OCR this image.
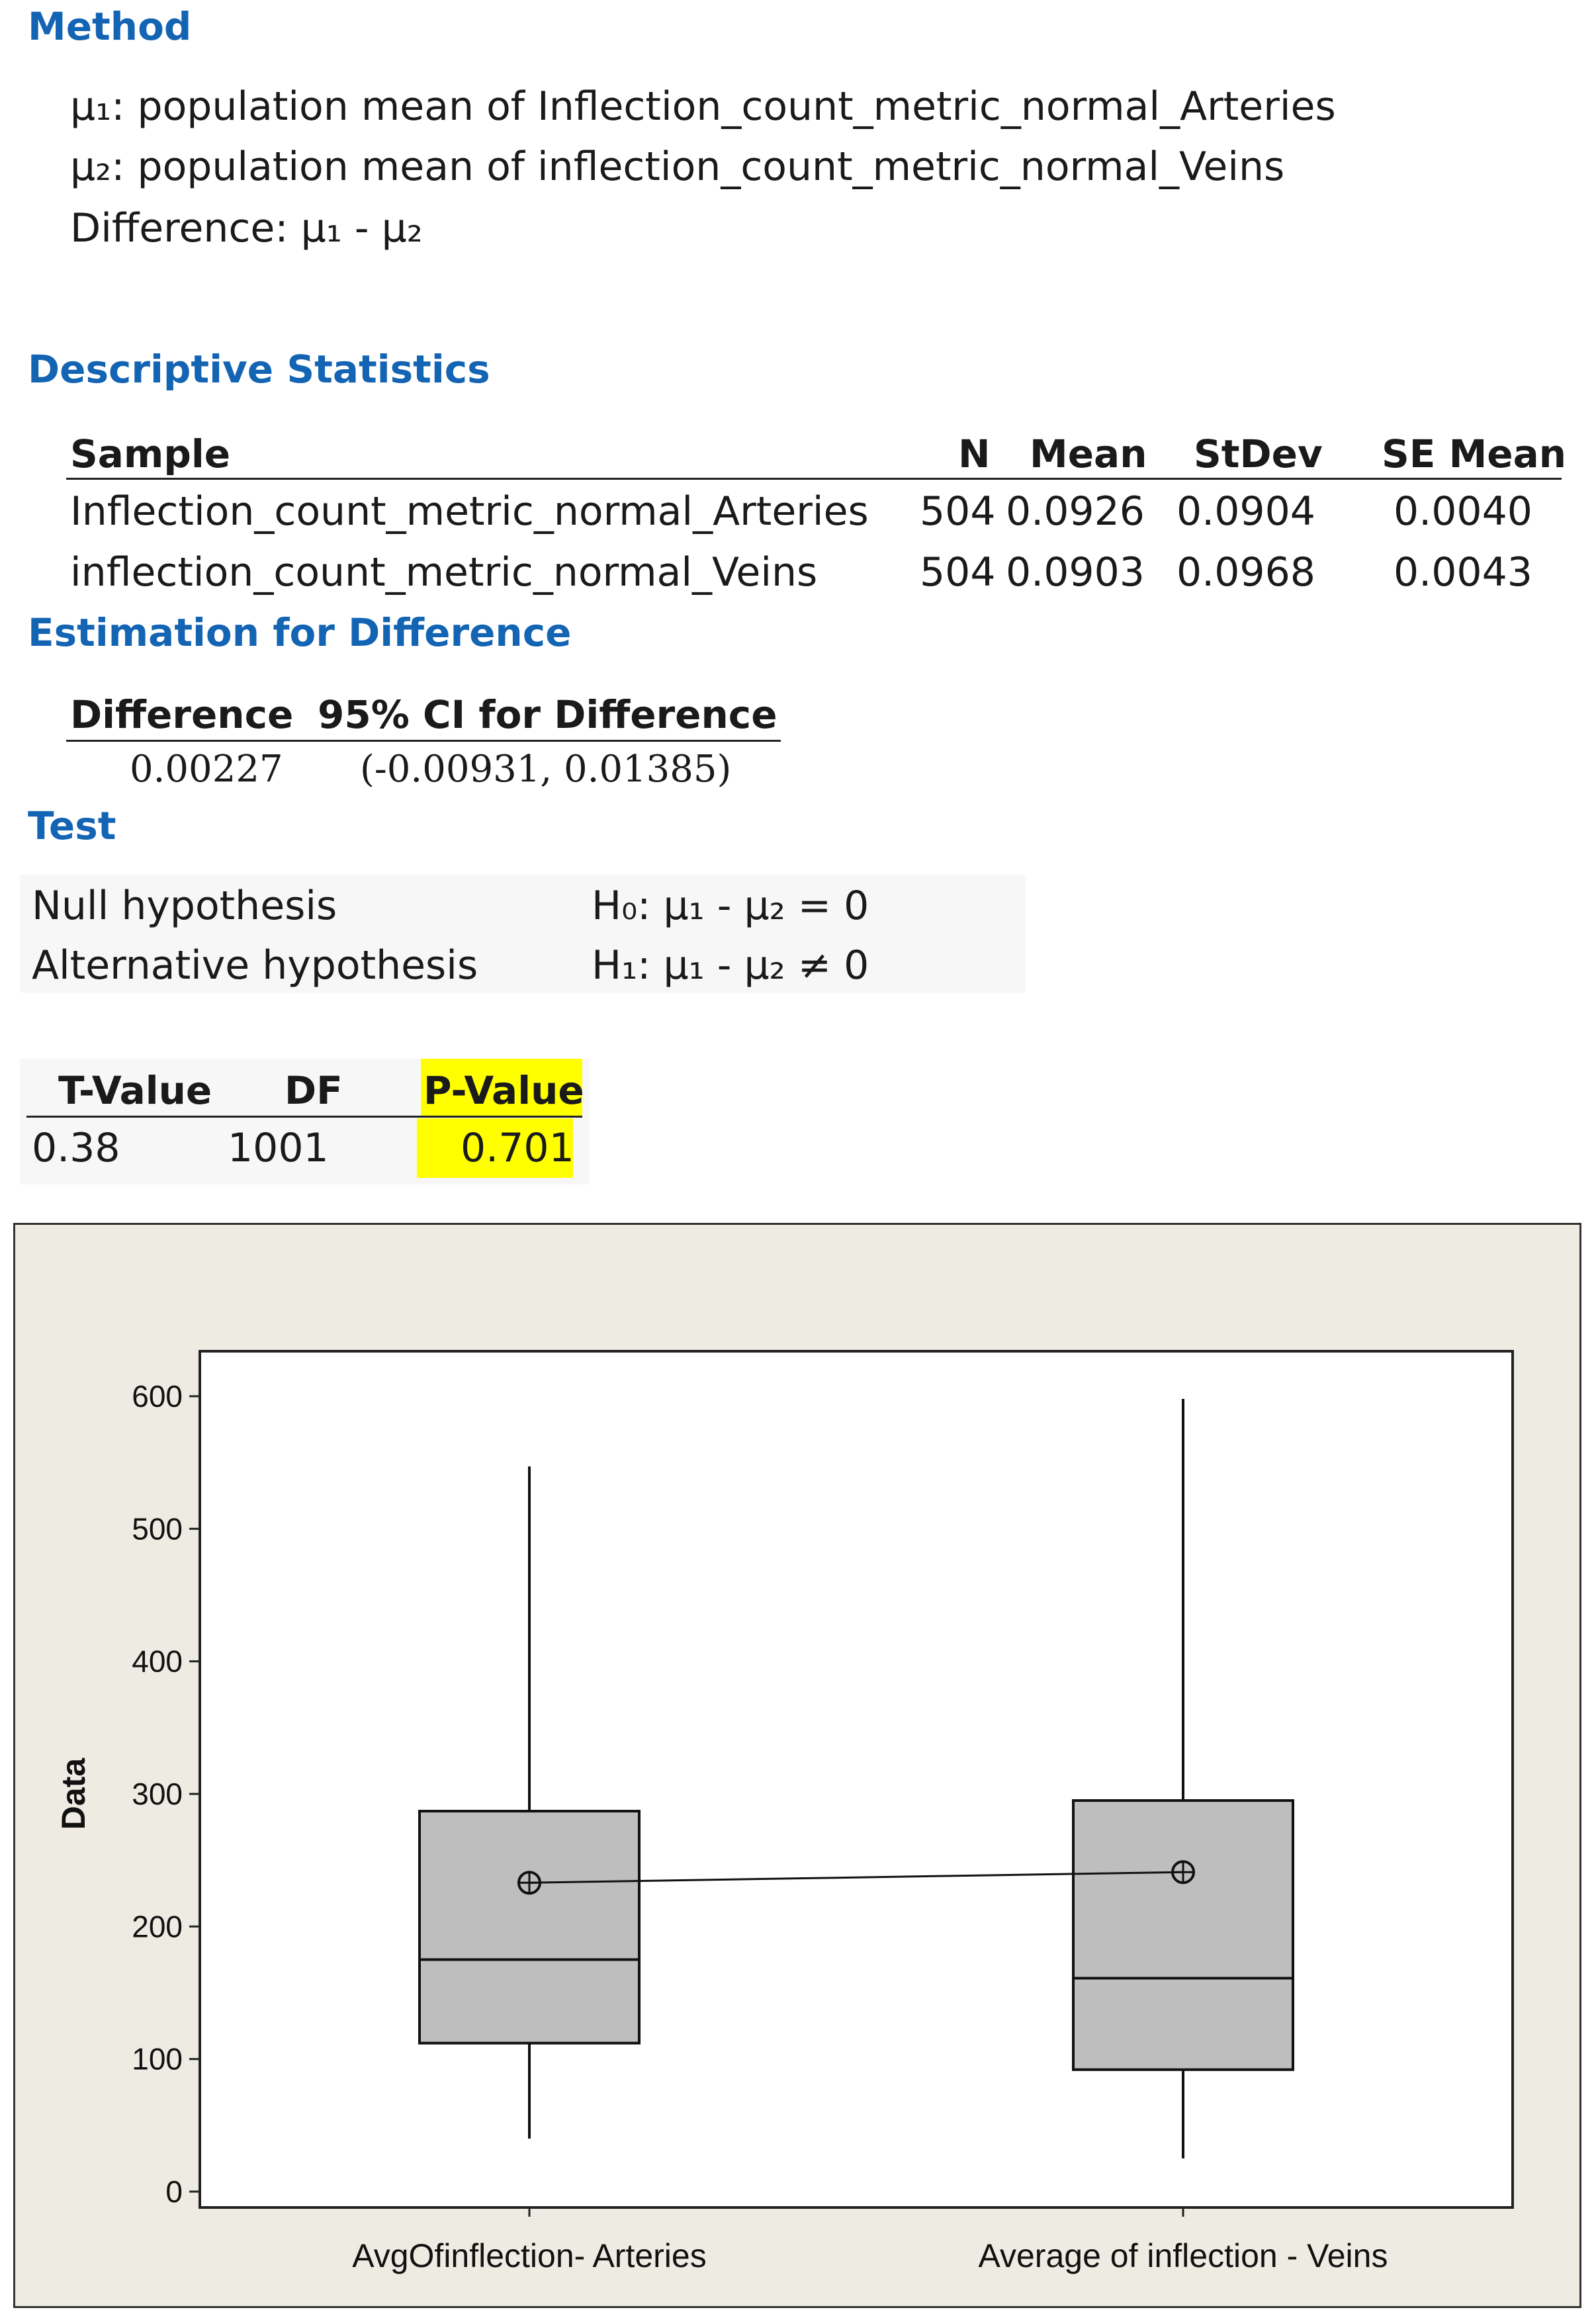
Method
μ₁: population mean of Inflection_count_metric_normal_Arteries
μ₂: population mean of inflection_count_metric_normal_Veins
Difference: μ₁ - μ₂
Descriptive Statistics
Sample	N Mean StDev SE Mean
Inflection_count_metric_normal_Arteries 504 0.0926 0.0904 0.0040
inflection_count_metric_normal_Veins	504 0.0903 0.0968 0.0043
Estimation for Difference
Difference 95% CI for Difference
0.00227 (-0.00931, 0.01385)
Test
Null hypothesis	H₀: μ₁ - μ₂ = 0
Alternative hypothesis	H₁: μ₁ - μ₂ ≠ 0
T-Value DF P-Value
0.38	1001	0.701
0
100
200
300
400
500
600
Data
AvgOfinflection- Arteries	Average of inflection - Veins
